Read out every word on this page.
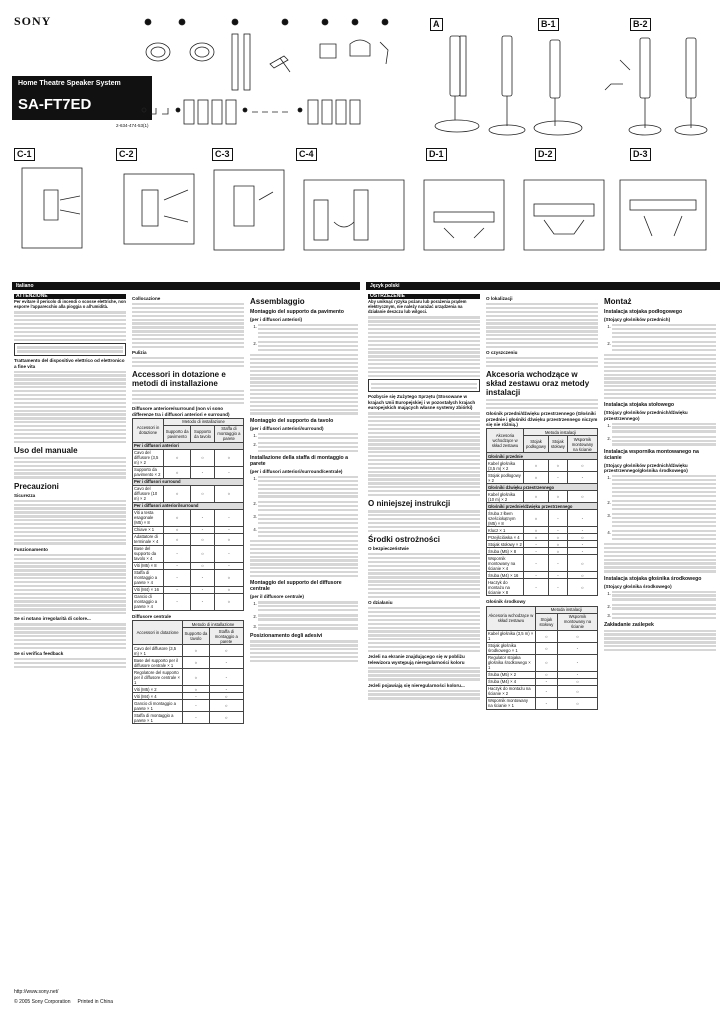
SONY
Home Theatre Speaker System
SA-FT7ED
2-634-474-53(1)
A	B-1	B-2
C-1	C-2	C-3	C-4	D-1	D-2	D-3
Italiano	Język polski
ATTENZIONE

Per evitare il pericolo di incendi o scosse elettriche, non esporre l'apparecchio alla pioggia o all'umidità.

Trattamento del dispositivo elettrico od elettronico a fine vita
Uso del manuale
Precauzioni
Sicurezza
Funzionamento
Se si notano irregolarità di colore...
Se si verifica feedback
Collocazione
Pulizia
Accessori in dotazione e metodi di installazione
Diffusore anteriore/surround (non vi sono differenze tra i diffusori anteriori e surround)
Accessori in dotazione	Metodo di installazione		
	Supporto da pavimento	Supporto da tavolo	Staffa di montaggio a parete
Per i diffusori anteriori			
Cavo del diffusore (3,5 m) × 2	○	○	○
Supporto da pavimento × 2	○	-	-
Per i diffusori surround			
Cavo del diffusore (10 m) × 2	○	○	○
Per i diffusori anteriori/surround			
Viti a testa esagonale (M5) × 8	○	-	-
Chiave × 1	○	-	-
Adattatore di terminale × 4	○	○	○
Base del supporto da tavolo × 4	-	○	-
Viti (M5) × 8	-	○	-
Staffa di montaggio a parete × 4	-	-	○
Viti (M4) × 16	-	-	○
Gancio di montaggio a parete × 4	-	-	○
Diffusore centrale
Accessori in dotazione	Metodo di installazione	
	Supporto da tavolo	Staffa di montaggio a parete
Cavo del diffusore (3,5 m) × 1	○	○
Base del supporto per il diffusore centrale × 1	○	-
Regolatore del supporto per il diffusore centrale × 1	○	-
Viti (M5) × 2	○	-
Viti (M4) × 4	-	○
Gancio di montaggio a parete × 1	-	○
Staffa di montaggio a parete × 1	-	○
Assemblaggio
Montaggio del supporto da pavimento
(per i diffusori anteriori)
1.
2.
Montaggio del supporto da tavolo
(per i diffusori anteriori/surround)
1.
2.
Installazione della staffa di montaggio a parete
(per i diffusori anteriori/surround/centrale)
1.
2.
3.
4.
Montaggio del supporto del diffusore centrale
(per il diffusore centrale)
1.
2.
3.
Posizionamento degli adesivi
OSTRZEŻENIE

Aby uniknąć ryzyka pożaru lub porażenia prądem elektrycznym, nie należy narażać urządzenia na działanie deszczu lub wilgoci.

Pozbycie się Zużytego Sprzętu (Stosowane w krajach Unii Europejskiej i w pozostałych krajach europejskich mających własne systemy zbiórki)
O niniejszej instrukcji
Środki ostrożności
O bezpieczeństwie
O działaniu
Jeżeli na ekranie znajdującego się w pobliżu telewizora występują nieregularności koloru
Jeżeli pojawiają się nieregularności koloru...
O lokalizacji
O czyszczeniu
Akcesoria wchodzące w skład zestawu oraz metody instalacji
Głośnik przedni/dźwięku przestrzennego (Głośniki przednie i głośniki dźwięku przestrzennego niczym się nie różnią.)
Akcesoria wchodzące w skład zestawu	Metoda instalacji		
	Stojak podłogowy	Stojak stołowy	Wspornik montowany na ścianie
Głośniki przednie			
Kabel głośnika (3,5 m) × 2	○	○	○
Stojak podłogowy × 2	○	-	-
Głośniki dźwięku przestrzennego			
Kabel głośnika (10 m) × 2	○	○	○
Głośniki przednie/dźwięku przestrzennego			
Śruba z łbem sześciokątnym (M5) × 8	○	-	-
Klucz × 1	○	-	-
Przejściówka × 4	○	○	○
Stojak stołowy × 2	-	○	-
Śruba (M5) × 8	-	○	-
Wspornik montowany na ścianie × 4	-	-	○
Śruba (M4) × 16	-	-	○
Haczyk do montażu na ścianie × 8	-	-	○
Głośnik środkowy
Akcesoria wchodzące w skład zestawu	Metoda instalacji	
	Stojak stołowy	Wspornik montowany na ścianie
Kabel głośnika (3,5 m) × 1	○	○
Stojak głośnika środkowego × 1	○	-
Regulator stojaka głośnika środkowego × 1	○	-
Śruba (M5) × 2	○	-
Śruba (M4) × 4	-	○
Haczyk do montażu na ścianie × 2	-	○
Wspornik montowany na ścianie × 1	-	○
Montaż
Instalacja stojaka podłogowego
(Stojący głośników przednich)
1.
2.
Instalacja stojaka stołowego
(Stojący głośników przednich/dźwięku przestrzennego)
1.
2.
Instalacja wspornika montowanego na ścianie
(Stojący głośników przednich/dźwięku przestrzennego/głośnika środkowego)
1.
2.
3.
4.
Instalacja stojaka głośnika środkowego
(Stojący głośnika środkowego)
1.
2.
3.
Zakładanie zaślepek
http://www.sony.net/
© 2005 Sony Corporation Printed in China
